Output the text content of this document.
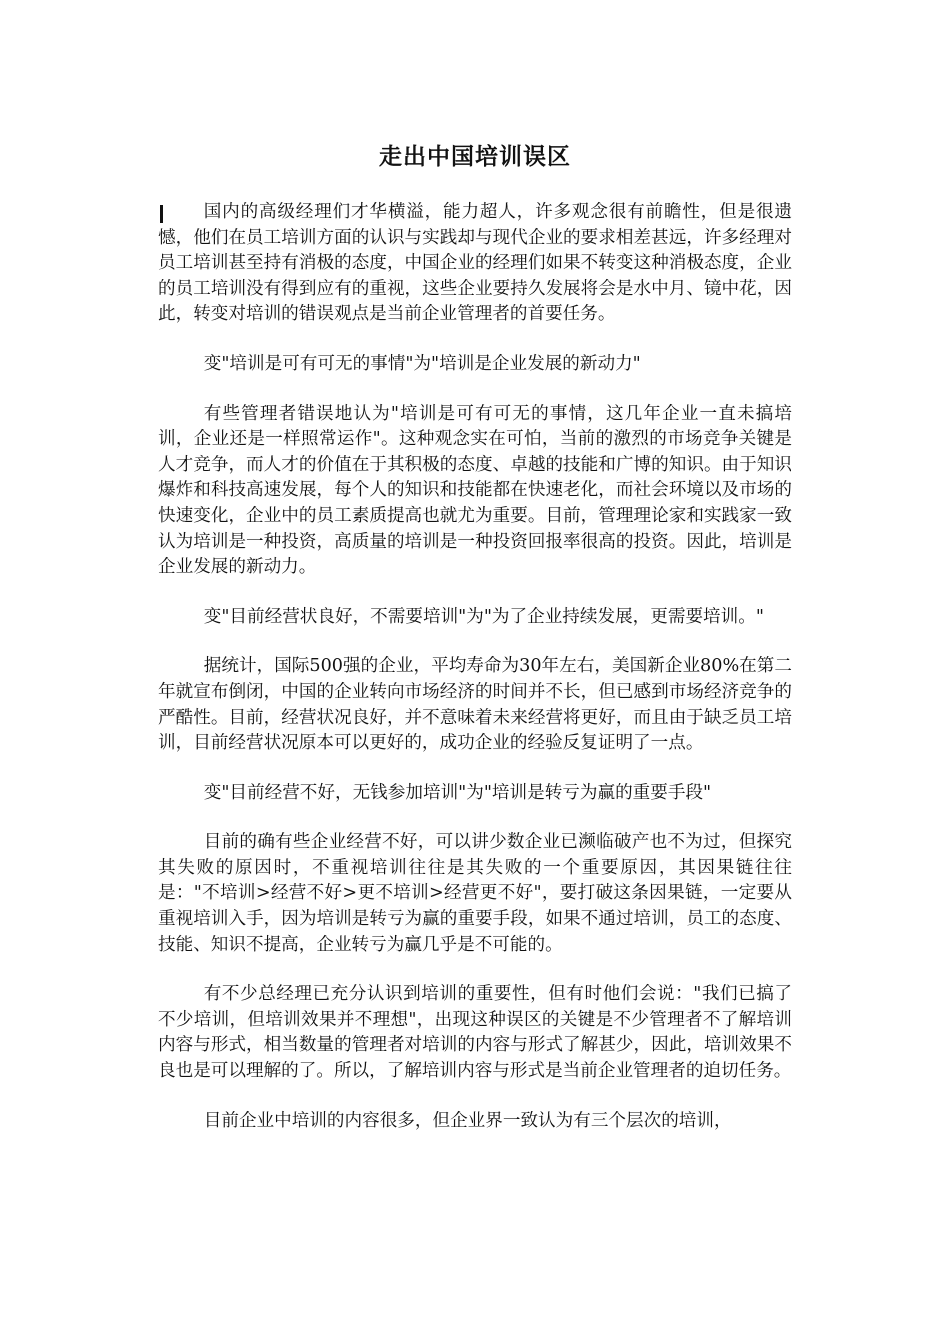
走出中国培训误区

国内的高级经理们才华横溢，能力超人，许多观念很有前瞻性，但是很遗憾，他们在员工培训方面的认识与实践却与现代企业的要求相差甚远，许多经理对员工培训甚至持有消极的态度，中国企业的经理们如果不转变这种消极态度，企业的员工培训没有得到应有的重视，这些企业要持久发展将会是水中月、镜中花，因此，转变对培训的错误观点是当前企业管理者的首要任务。

变"培训是可有可无的事情"为"培训是企业发展的新动力"

有些管理者错误地认为"培训是可有可无的事情，这几年企业一直未搞培训，企业还是一样照常运作"。这种观念实在可怕，当前的激烈的市场竞争关键是人才竞争，而人才的价值在于其积极的态度、卓越的技能和广博的知识。由于知识爆炸和科技高速发展，每个人的知识和技能都在快速老化，而社会环境以及市场的快速变化，企业中的员工素质提高也就尤为重要。目前，管理理论家和实践家一致认为培训是一种投资，高质量的培训是一种投资回报率很高的投资。因此，培训是企业发展的新动力。

变"目前经营状良好，不需要培训"为"为了企业持续发展，更需要培训。"

据统计，国际500强的企业，平均寿命为30年左右，美国新企业80%在第二年就宣布倒闭，中国的企业转向市场经济的时间并不长，但已感到市场经济竞争的严酷性。目前，经营状况良好，并不意味着未来经营将更好，而且由于缺乏员工培训，目前经营状况原本可以更好的，成功企业的经验反复证明了一点。

变"目前经营不好，无钱参加培训"为"培训是转亏为赢的重要手段"

目前的确有些企业经营不好，可以讲少数企业已濒临破产也不为过，但探究其失败的原因时，不重视培训往往是其失败的一个重要原因，其因果链往往是："不培训>经营不好>更不培训>经营更不好"，要打破这条因果链，一定要从重视培训入手，因为培训是转亏为赢的重要手段，如果不通过培训，员工的态度、技能、知识不提高，企业转亏为赢几乎是不可能的。

有不少总经理已充分认识到培训的重要性，但有时他们会说："我们已搞了不少培训，但培训效果并不理想"，出现这种误区的关键是不少管理者不了解培训内容与形式，相当数量的管理者对培训的内容与形式了解甚少，因此，培训效果不良也是可以理解的了。所以，了解培训内容与形式是当前企业管理者的迫切任务。

目前企业中培训的内容很多，但企业界一致认为有三个层次的培训，
